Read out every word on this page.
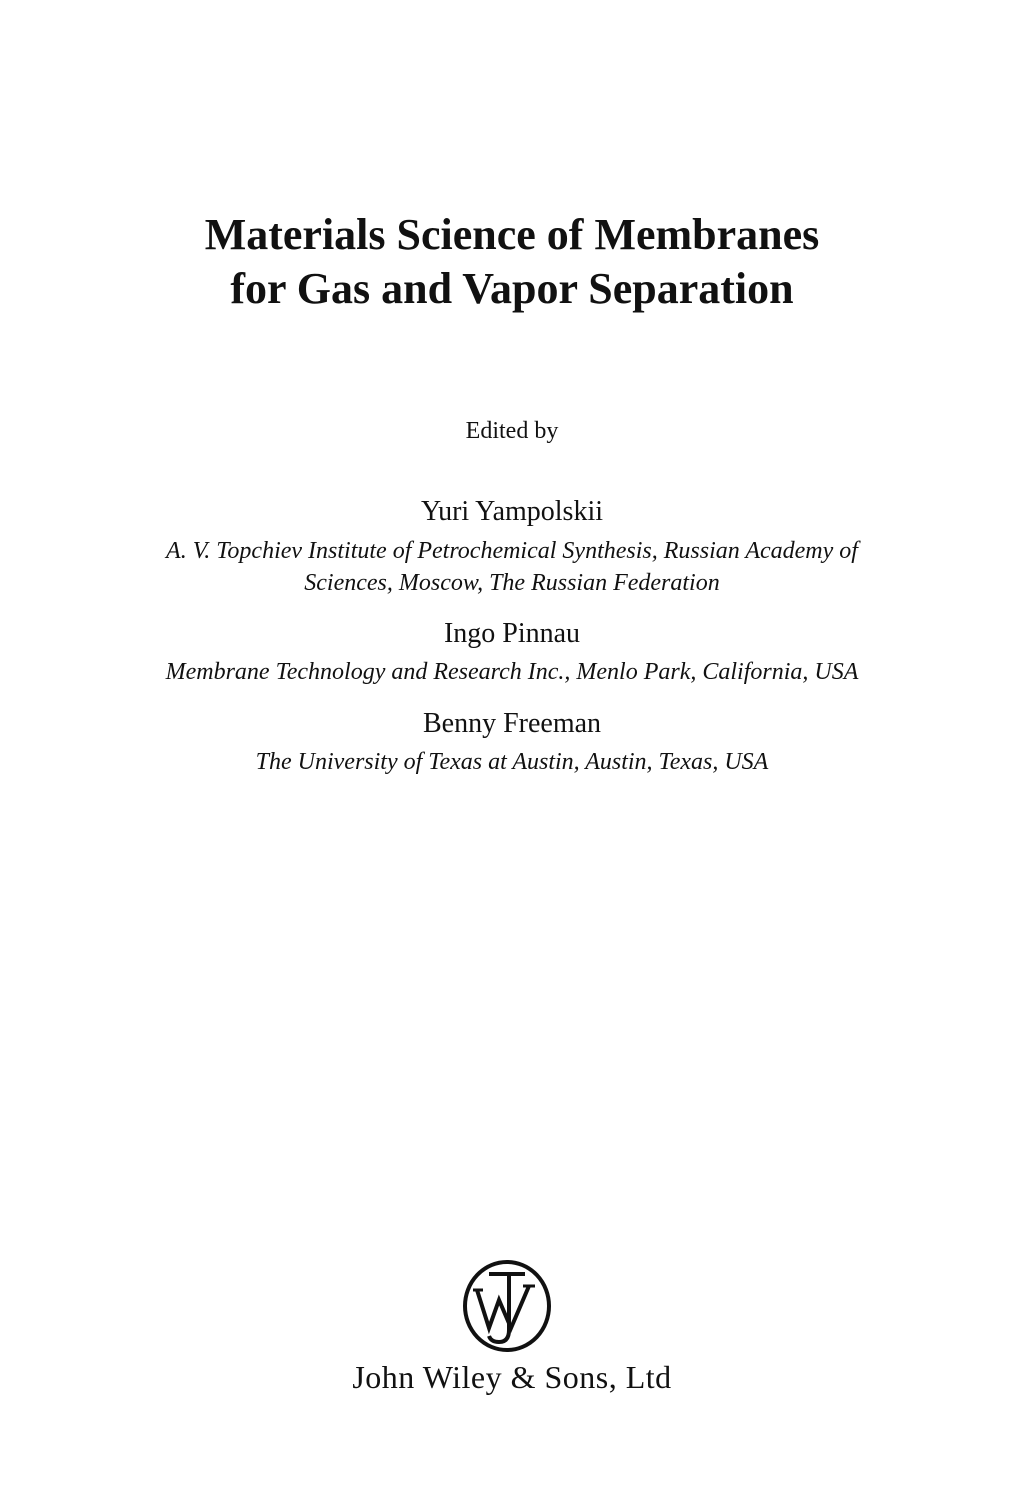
Materials Science of Membranes
for Gas and Vapor Separation
Edited by
Yuri Yampolskii
A. V. Topchiev Institute of Petrochemical Synthesis, Russian Academy of
Sciences, Moscow, The Russian Federation
Ingo Pinnau
Membrane Technology and Research Inc., Menlo Park, California, USA
Benny Freeman
The University of Texas at Austin, Austin, Texas, USA
John Wiley & Sons, Ltd
